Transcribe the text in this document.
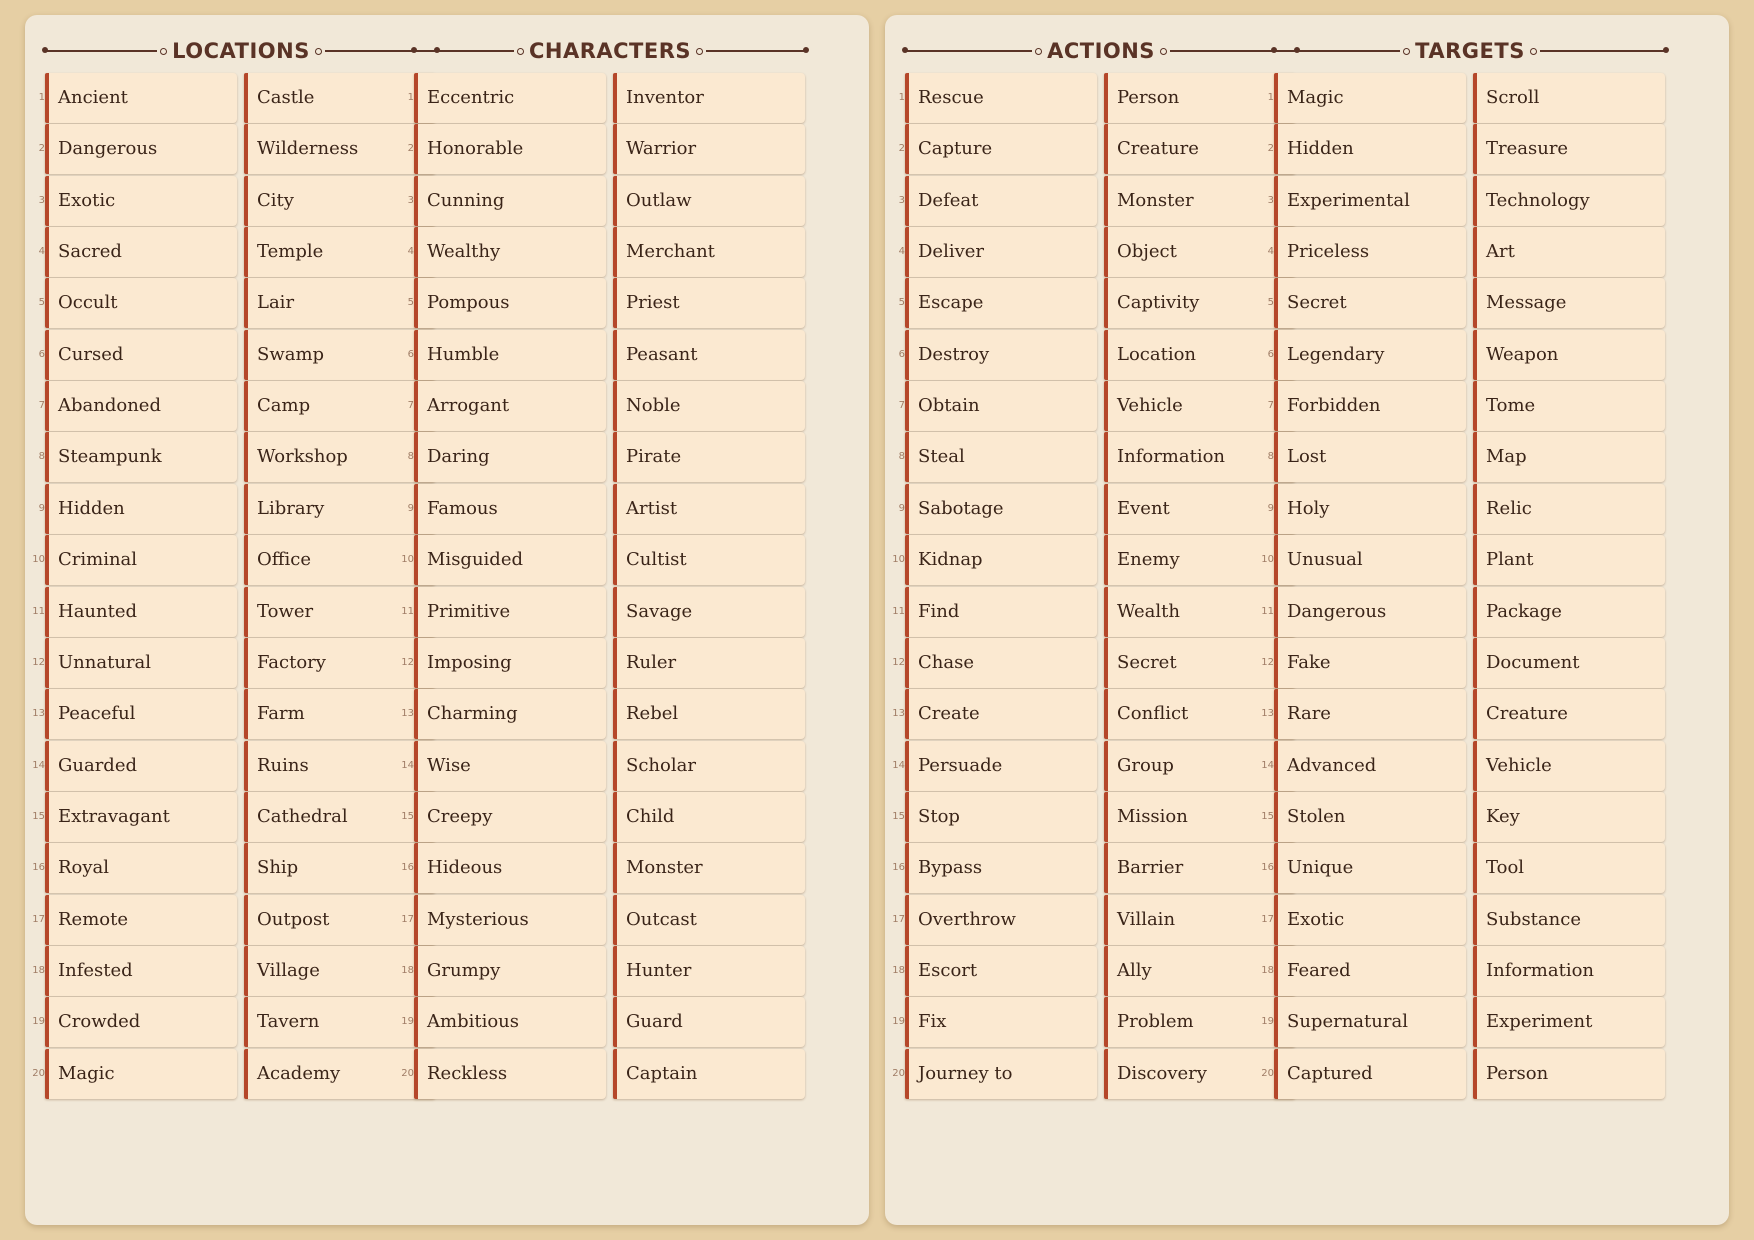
LOCATIONS
1 Ancient	Castle
2 Dangerous	Wilderness
3 Exotic	City
4 Sacred	Temple
5 Occult	Lair
6 Cursed	Swamp
7 Abandoned	Camp
8 Steampunk	Workshop
9 Hidden	Library
10 Criminal	Office
11 Haunted	Tower
12 Unnatural	Factory
13 Peaceful	Farm
14 Guarded	Ruins
15 Extravagant	Cathedral
16 Royal	Ship
17 Remote	Outpost
18 Infested	Village
19 Crowded	Tavern
20 Magic	Academy
CHARACTERS
1 Eccentric	Inventor
2 Honorable	Warrior
3 Cunning	Outlaw
4 Wealthy	Merchant
5 Pompous	Priest
6 Humble	Peasant
7 Arrogant	Noble
8 Daring	Pirate
9 Famous	Artist
10 Misguided	Cultist
11 Primitive	Savage
12 Imposing	Ruler
13 Charming	Rebel
14 Wise	Scholar
15 Creepy	Child
16 Hideous	Monster
17 Mysterious	Outcast
18 Grumpy	Hunter
19 Ambitious	Guard
20 Reckless	Captain
ACTIONS
1 Rescue	Person
2 Capture	Creature
3 Defeat	Monster
4 Deliver	Object
5 Escape	Captivity
6 Destroy	Location
7 Obtain	Vehicle
8 Steal	Information
9 Sabotage	Event
10 Kidnap	Enemy
11 Find	Wealth
12 Chase	Secret
13 Create	Conflict
14 Persuade	Group
15 Stop	Mission
16 Bypass	Barrier
17 Overthrow	Villain
18 Escort	Ally
19 Fix	Problem
20 Journey to	Discovery
TARGETS
1 Magic	Scroll
2 Hidden	Treasure
3 Experimental	Technology
4 Priceless	Art
5 Secret	Message
6 Legendary	Weapon
7 Forbidden	Tome
8 Lost	Map
9 Holy	Relic
10 Unusual	Plant
11 Dangerous	Package
12 Fake	Document
13 Rare	Creature
14 Advanced	Vehicle
15 Stolen	Key
16 Unique	Tool
17 Exotic	Substance
18 Feared	Information
19 Supernatural	Experiment
20 Captured	Person
